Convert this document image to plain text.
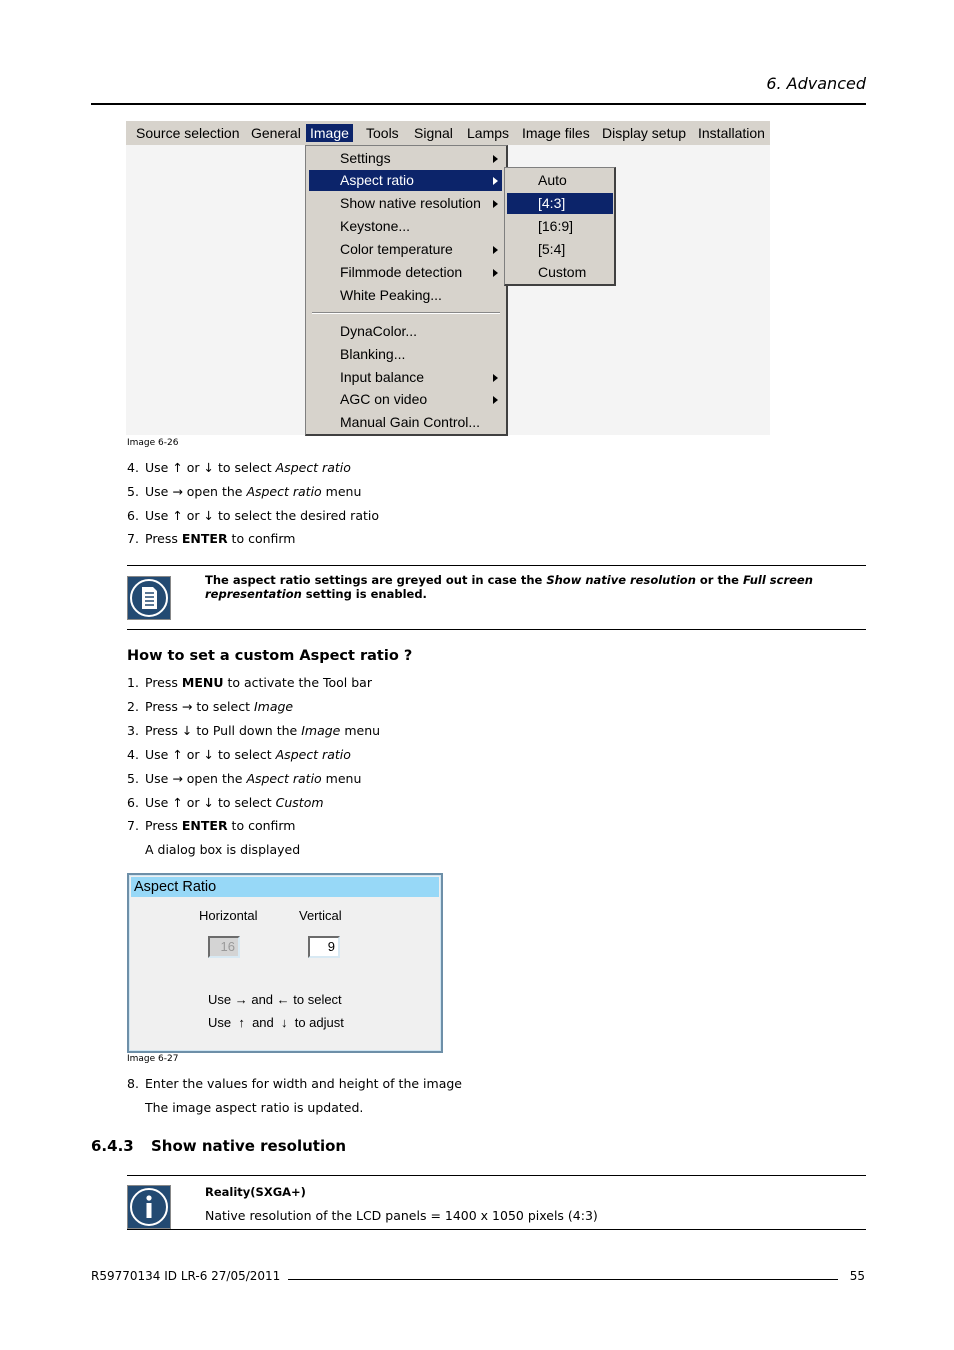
6. Advanced
Source selection General Image Tools Signal Lamps Image files Display setup Installation
Settings
Aspect ratio
Show native resolution
Keystone...
Color temperature
Filmmode detection
White Peaking...
DynaColor...
Blanking...
Input balance
AGC on video
Manual Gain Control...
Auto
[4:3]
[16:9]
[5:4]
Custom
Image 6-26
4. Use ↑ or ↓ to select Aspect ratio
5. Use → open the Aspect ratio menu
6. Use ↑ or ↓ to select the desired ratio
7. Press ENTER to confirm
The aspect ratio settings are greyed out in case the Show native resolution or the Full screen representation setting is enabled.
How to set a custom Aspect ratio ?
1. Press MENU to activate the Tool bar
2. Press → to select Image
3. Press ↓ to Pull down the Image menu
4. Use ↑ or ↓ to select Aspect ratio
5. Use → open the Aspect ratio menu
6. Use ↑ or ↓ to select Custom
7. Press ENTER to confirm
A dialog box is displayed
Aspect Ratio
Horizontal	Vertical
16	9
Use → and ← to select
Use  ↑  and  ↓  to adjust
Image 6-27
8. Enter the values for width and height of the image
The image aspect ratio is updated.
6.4.3 Show native resolution
Reality(SXGA+)
Native resolution of the LCD panels = 1400 x 1050 pixels (4:3)
R59770134 ID LR-6 27/05/2011	55
